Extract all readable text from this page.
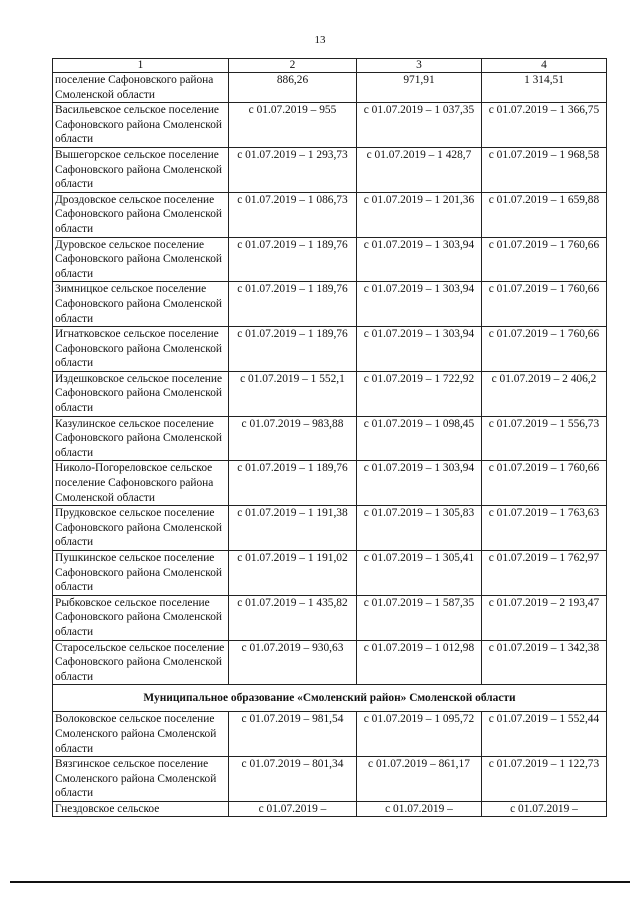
13
1	2	3	4
поселение Сафоновского района Смоленской области	886,26	971,91	1 314,51
Васильевское сельское поселение Сафоновского района Смоленской области	с 01.07.2019 – 955	с 01.07.2019 – 1 037,35	с 01.07.2019 – 1 366,75
Вышегорское сельское поселение Сафоновского района Смоленской области	с 01.07.2019 – 1 293,73	с 01.07.2019 – 1 428,7	с 01.07.2019 – 1 968,58
Дроздовское сельское поселение Сафоновского района Смоленской области	с 01.07.2019 – 1 086,73	с 01.07.2019 – 1 201,36	с 01.07.2019 – 1 659,88
Дуровское сельское поселение Сафоновского района Смоленской области	с 01.07.2019 – 1 189,76	с 01.07.2019 – 1 303,94	с 01.07.2019 – 1 760,66
Зимницкое сельское поселение Сафоновского района Смоленской области	с 01.07.2019 – 1 189,76	с 01.07.2019 – 1 303,94	с 01.07.2019 – 1 760,66
Игнатковское сельское поселение Сафоновского района Смоленской области	с 01.07.2019 – 1 189,76	с 01.07.2019 – 1 303,94	с 01.07.2019 – 1 760,66
Издешковское сельское поселение Сафоновского района Смоленской области	с 01.07.2019 – 1 552,1	с 01.07.2019 – 1 722,92	с 01.07.2019 – 2 406,2
Казулинское сельское поселение Сафоновского района Смоленской области	с 01.07.2019 – 983,88	с 01.07.2019 – 1 098,45	с 01.07.2019 – 1 556,73
Николо-Погореловское сельское поселение Сафоновского района Смоленской области	с 01.07.2019 – 1 189,76	с 01.07.2019 – 1 303,94	с 01.07.2019 – 1 760,66
Прудковское сельское поселение Сафоновского района Смоленской области	с 01.07.2019 – 1 191,38	с 01.07.2019 – 1 305,83	с 01.07.2019 – 1 763,63
Пушкинское сельское поселение Сафоновского района Смоленской области	с 01.07.2019 – 1 191,02	с 01.07.2019 – 1 305,41	с 01.07.2019 – 1 762,97
Рыбковское сельское поселение Сафоновского района Смоленской области	с 01.07.2019 – 1 435,82	с 01.07.2019 – 1 587,35	с 01.07.2019 – 2 193,47
Старосельское сельское поселение Сафоновского района Смоленской области	с 01.07.2019 – 930,63	с 01.07.2019 – 1 012,98	с 01.07.2019 – 1 342,38
Муниципальное образование «Смоленский район» Смоленской области			
Волоковское сельское поселение Смоленского района Смоленской области	с 01.07.2019 – 981,54	с 01.07.2019 – 1 095,72	с 01.07.2019 – 1 552,44
Вязгинское сельское поселение Смоленского района Смоленской области	с 01.07.2019 – 801,34	с 01.07.2019 – 861,17	с 01.07.2019 – 1 122,73
Гнездовское сельское	с 01.07.2019 –	с 01.07.2019 –	с 01.07.2019 –
